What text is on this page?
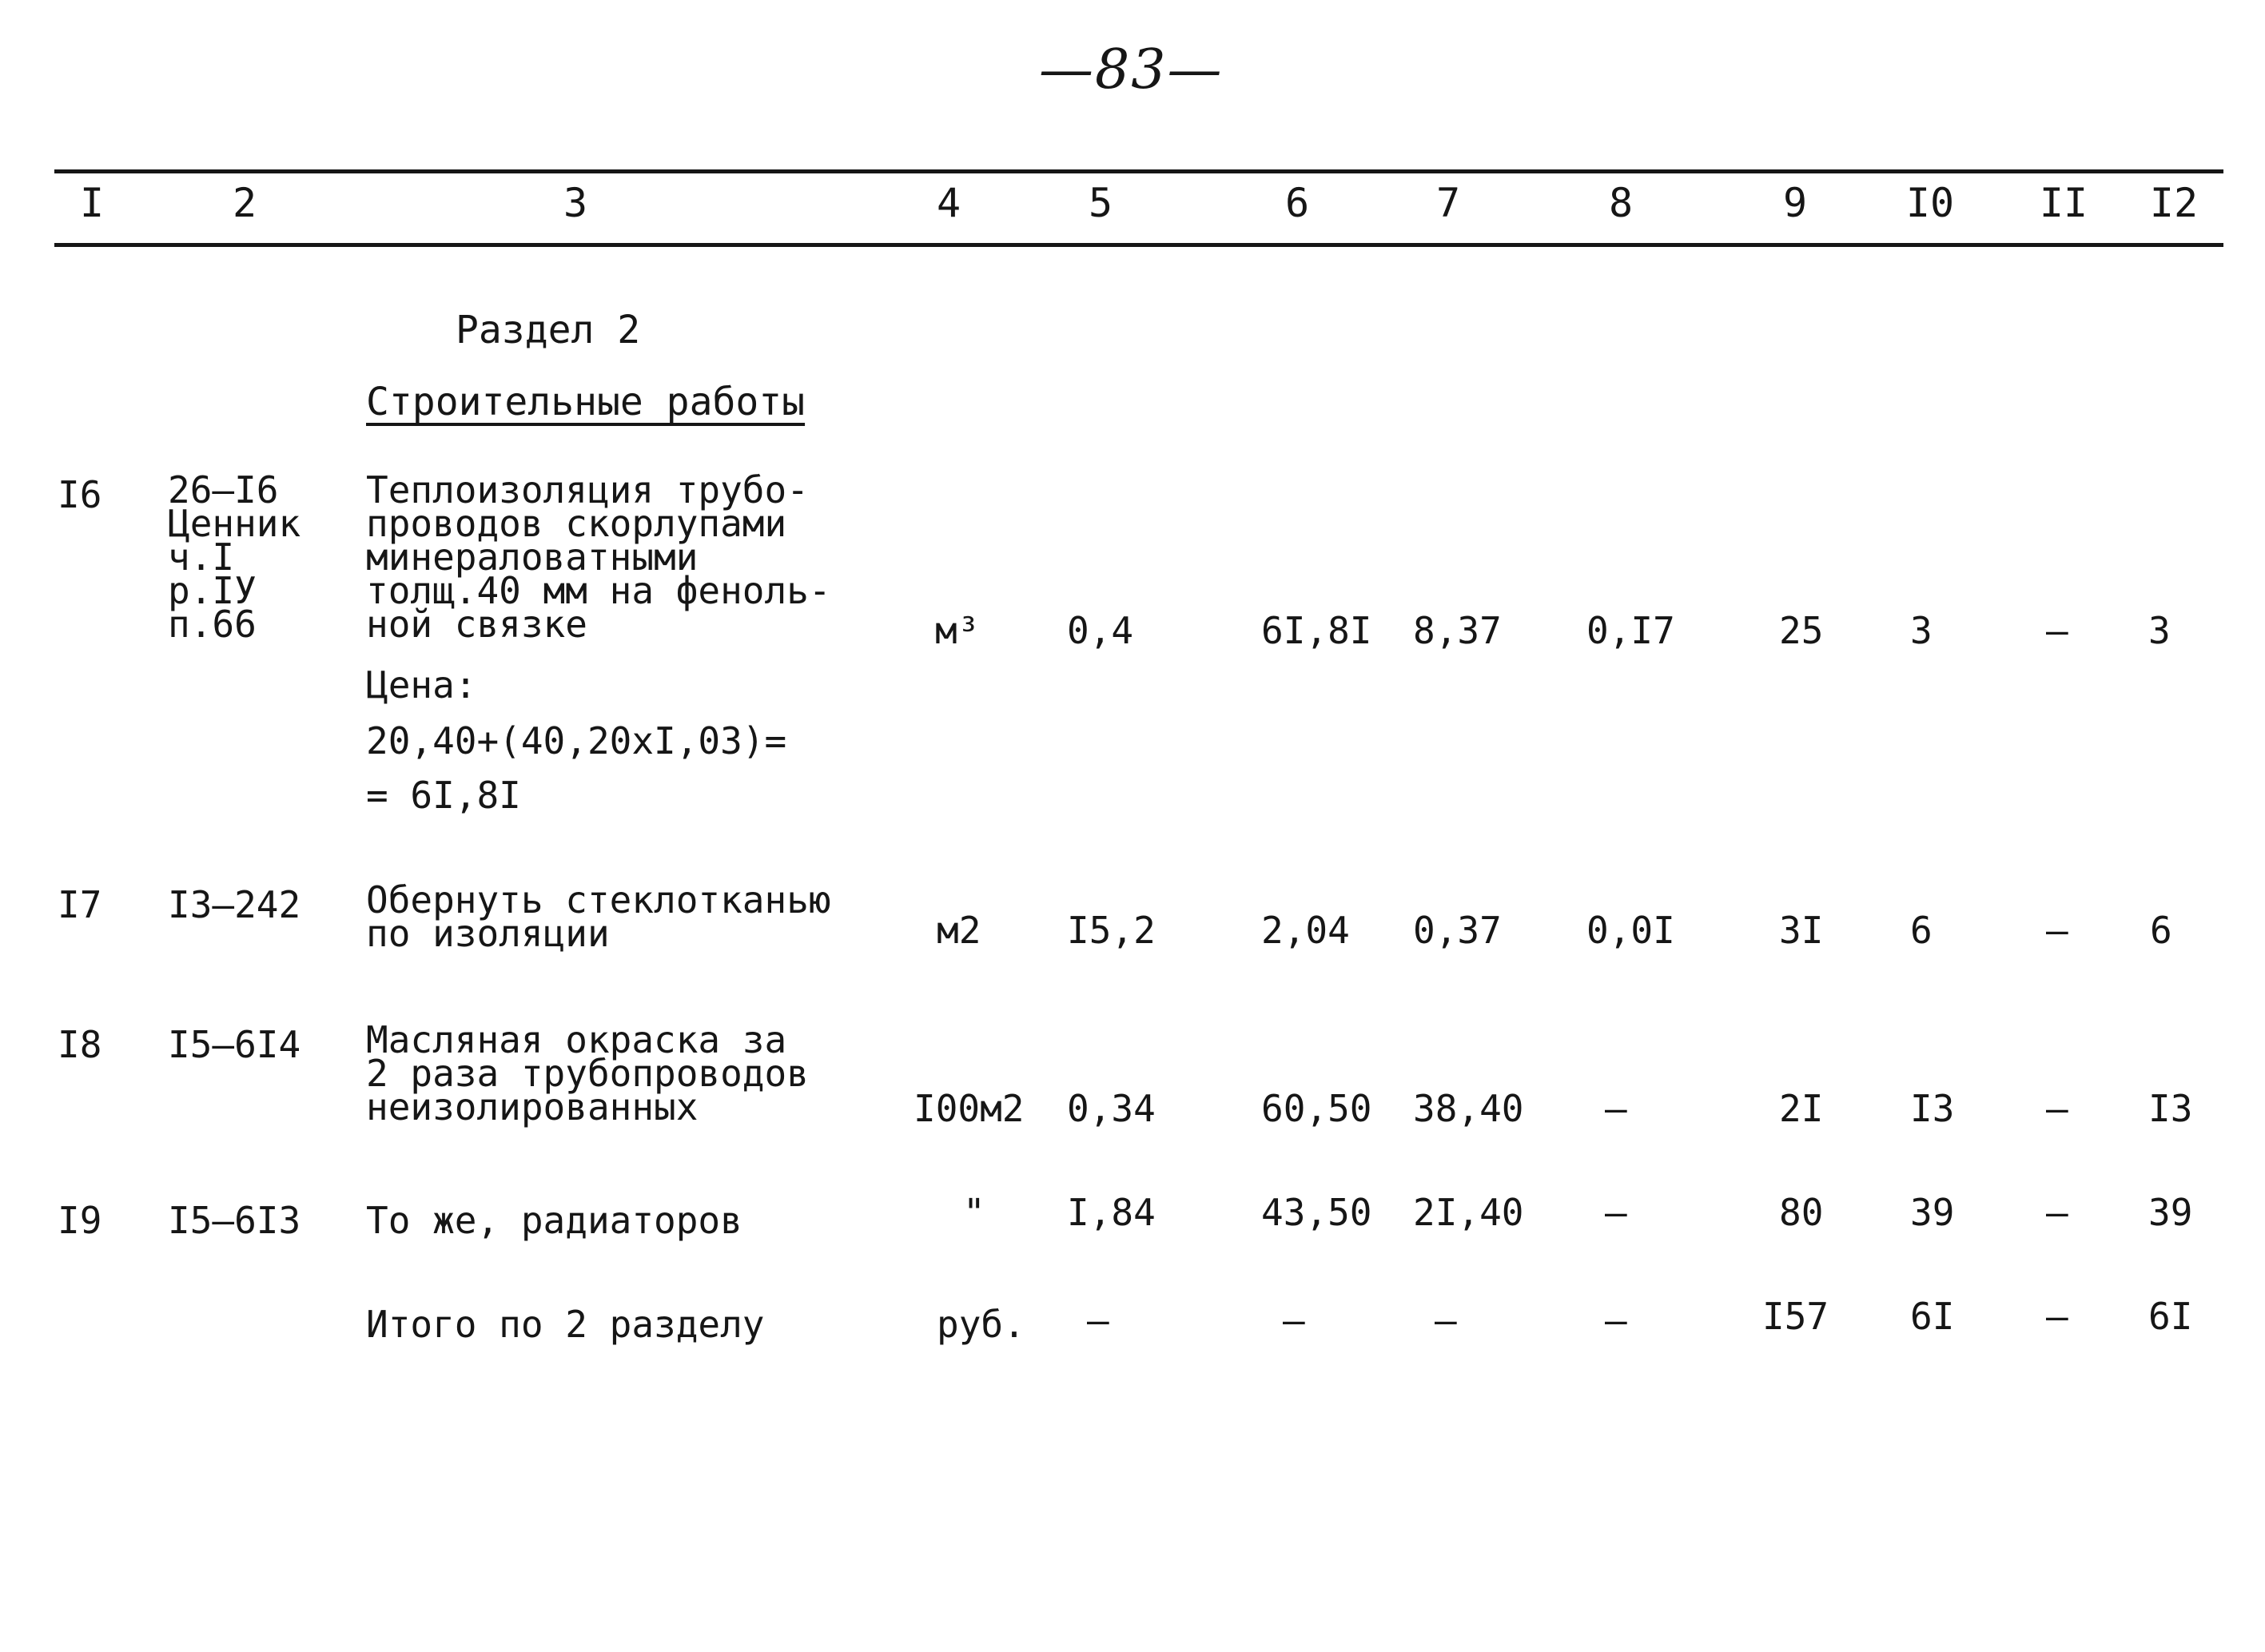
—83—
I	2	3	4	5	6	7	8	9	I0	II	I2
Раздел 2
Строительные работы
I6 26–I6
Ценник
ч.I
р.IУ
п.66
Теплоизоляция трубо-
проводов скорлупами
минераловатными
толщ.40 мм на феноль-
ной связке
Цена:
20,40+(40,20xI,03)=
= 6I,8I
м³ 0,4	6I,8I 8,37 0,I7	25 3	– 3
I7 I3–242 Обернуть стеклотканью
по изоляции	м2 I5,2	2,04 0,37 0,0I	3I 6	– 6
I8 I5–6I4 Масляная окраска за
2 раза трубопроводов
неизолированных	I00м2 0,34	60,50 38,40 –	2I I3 – I3
I9 I5–6I3 То же, радиаторов	" I,84	43,50 2I,40 –	80 39 – 39
Итого по 2 разделу	руб. –	–	–	–	I57 6I – 6I
